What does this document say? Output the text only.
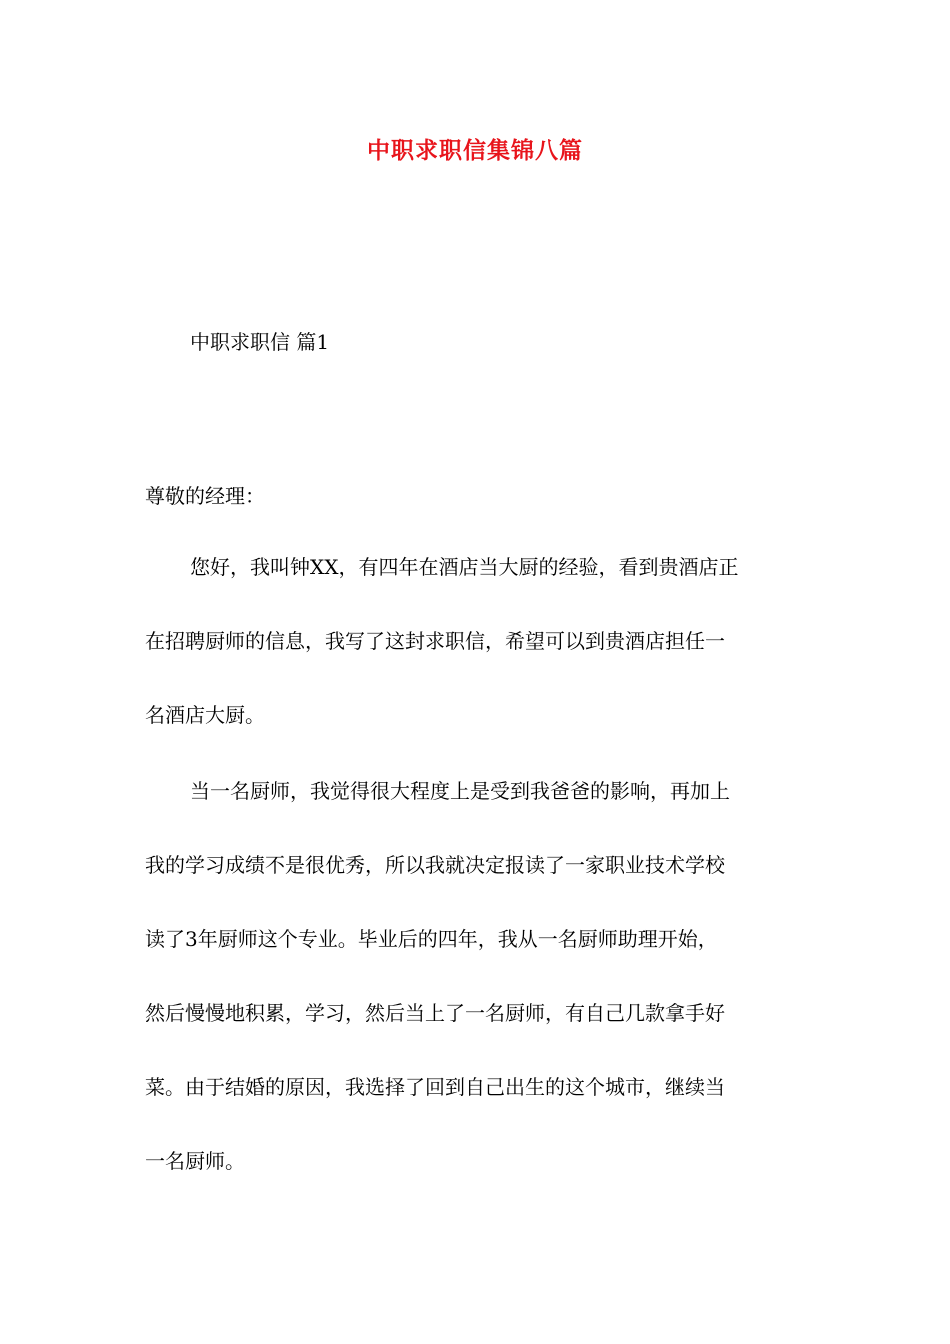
中职求职信集锦八篇

中职求职信 篇1

尊敬的经理：

您好，我叫钟XX，有四年在酒店当大厨的经验，看到贵酒店正
在招聘厨师的信息，我写了这封求职信，希望可以到贵酒店担任一
名酒店大厨。
当一名厨师，我觉得很大程度上是受到我爸爸的影响，再加上
我的学习成绩不是很优秀，所以我就决定报读了一家职业技术学校
读了3年厨师这个专业。毕业后的四年，我从一名厨师助理开始，
然后慢慢地积累，学习，然后当上了一名厨师，有自己几款拿手好
菜。由于结婚的原因，我选择了回到自己出生的这个城市，继续当
一名厨师。
